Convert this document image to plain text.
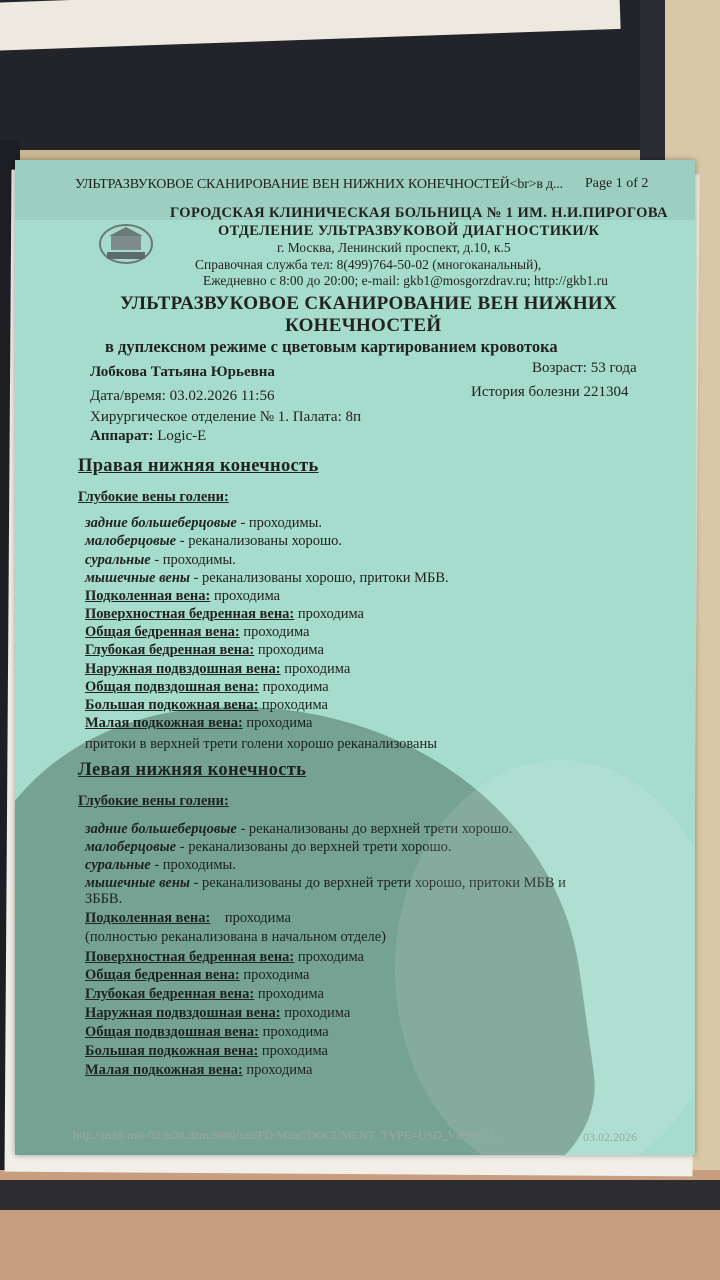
УЛЬТРАЗВУКОВОЕ СКАНИРОВАНИЕ ВЕН НИЖНИХ КОНЕЧНОСТЕЙ<br>в д... Page 1 of 2
ГОРОДСКАЯ КЛИНИЧЕСКАЯ БОЛЬНИЦА № 1 ИМ. Н.И.ПИРОГОВА
ОТДЕЛЕНИЕ УЛЬТРАЗВУКОВОЙ ДИАГНОСТИКИ/К
г. Москва, Ленинский проспект, д.10, к.5
Справочная служба тел: 8(499)764-50-02 (многоканальный),
Ежедневно с 8:00 до 20:00; e-mail: gkb1@mosgorzdrav.ru; http://gkb1.ru
УЛЬТРАЗВУКОВОЕ СКАНИРОВАНИЕ ВЕН НИЖНИХ
КОНЕЧНОСТЕЙ
в дуплексном режиме с цветовым картированием кровотока
Лобкова Татьяна Юрьевна	Возраст: 53 года
Дата/время: 03.02.2026 11:56	История болезни 221304
Хирургическое отделение № 1. Палата: 8п
Аппарат: Logic-E
Правая нижняя конечность
Глубокие вены голени:
задние большеберцовые - проходимы.
малоберцовые - реканализованы хорошо.
суральные - проходимы.
мышечные вены - реканализованы хорошо, притоки МБВ.
Подколенная вена: проходима
Поверхностная бедренная вена: проходима
Общая бедренная вена: проходима
Глубокая бедренная вена: проходима
Наружная подвздошная вена: проходима
Общая подвздошная вена: проходима
Большая подкожная вена: проходима
Малая подкожная вена: проходима
притоки в верхней трети голени хорошо реканализованы
Левая нижняя конечность
Глубокие вены голени:
задние большеберцовые - реканализованы до верхней трети хорошо.
малоберцовые - реканализованы до верхней трети хорошо.
суральные - проходимы.
мышечные вены - реканализованы до верхней трети хорошо, притоки МБВ и
ЗББВ.
Подколенная вена: проходима
(полностью реканализована в начальном отделе)
Поверхностная бедренная вена: проходима
Общая бедренная вена: проходима
Глубокая бедренная вена: проходима
Наружная подвздошная вена: проходима
Общая подвздошная вена: проходима
Большая подкожная вена: проходима
Малая подкожная вена: проходима
http://m38-mis-02.m38.dzm:8080/xmlFD/Main?DOCUMENT_TYPE=USD_VEINS_1...	03.02.2026
